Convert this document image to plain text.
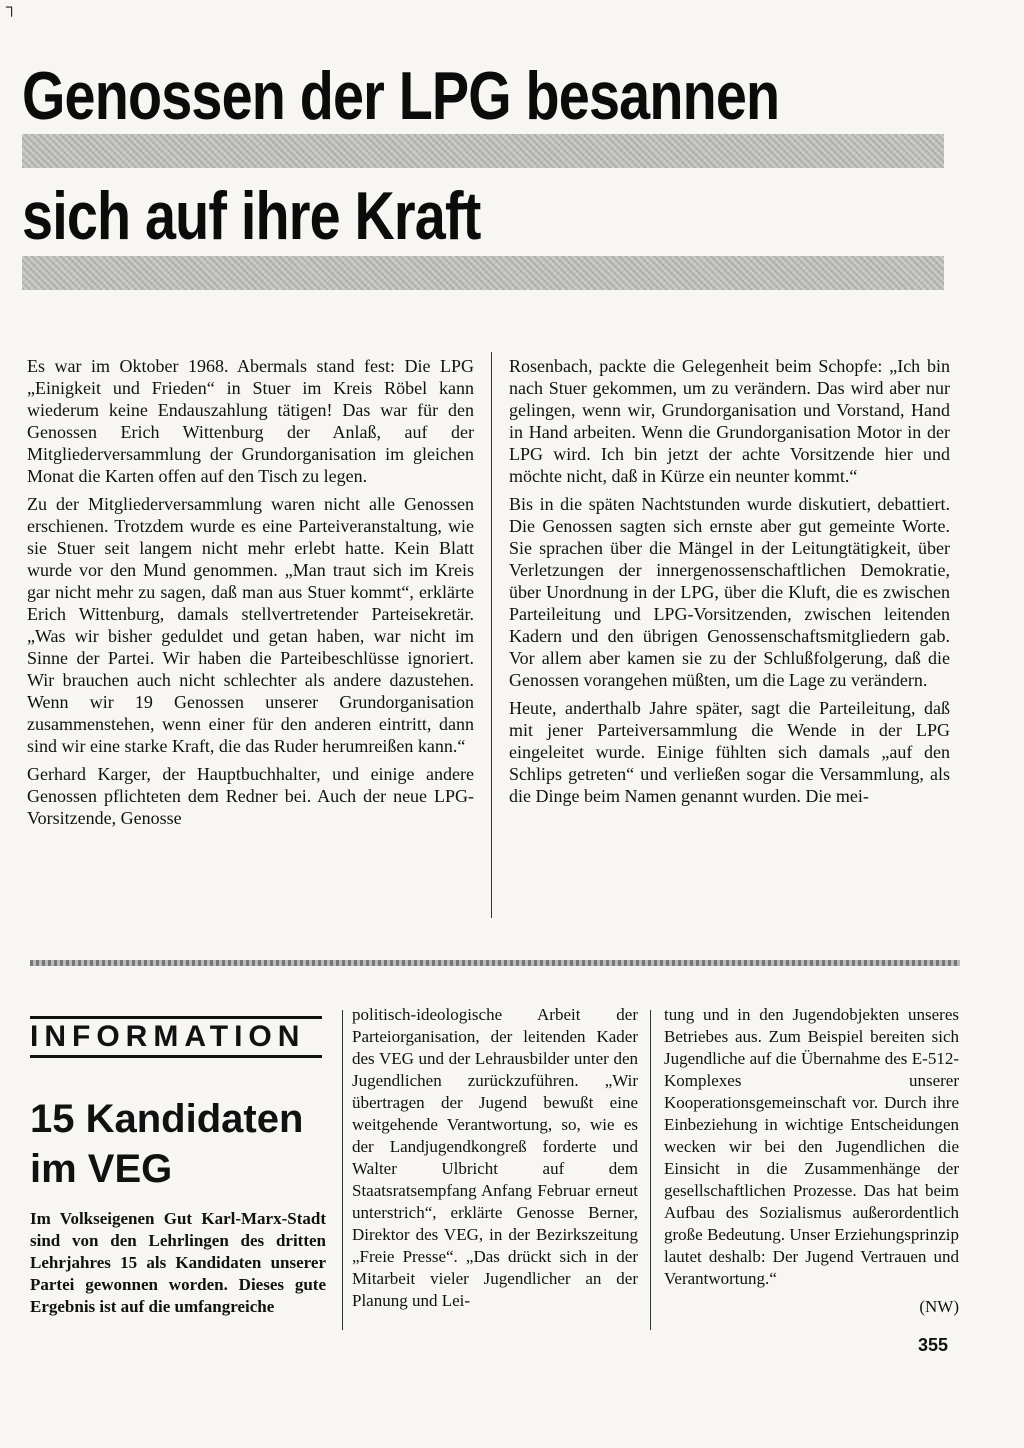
┐
Genossen der LPG besannen
sich auf ihre Kraft

Es war im Oktober 1968. Abermals stand fest: Die LPG „Einigkeit und Frieden“ in Stuer im Kreis Röbel kann wiederum keine Endauszahlung tätigen! Das war für den Genossen Erich Wittenburg der Anlaß, auf der Mitgliederversammlung der Grundorganisation im gleichen Monat die Karten offen auf den Tisch zu legen.

Zu der Mitgliederversammlung waren nicht alle Genossen erschienen. Trotzdem wurde es eine Parteiveranstaltung, wie sie Stuer seit langem nicht mehr erlebt hatte. Kein Blatt wurde vor den Mund genommen. „Man traut sich im Kreis gar nicht mehr zu sagen, daß man aus Stuer kommt“, erklärte Erich Wittenburg, damals stellvertretender Parteisekretär. „Was wir bisher geduldet und getan haben, war nicht im Sinne der Partei. Wir haben die Parteibeschlüsse ignoriert. Wir brauchen auch nicht schlechter als andere dazustehen. Wenn wir 19 Genossen unserer Grundorganisation zusammenstehen, wenn einer für den anderen eintritt, dann sind wir eine starke Kraft, die das Ruder herumreißen kann.“

Gerhard Karger, der Hauptbuchhalter, und einige andere Genossen pflichteten dem Redner bei. Auch der neue LPG-Vorsitzende, Genosse

Rosenbach, packte die Gelegenheit beim Schopfe: „Ich bin nach Stuer gekommen, um zu verändern. Das wird aber nur gelingen, wenn wir, Grundorganisation und Vorstand, Hand in Hand arbeiten. Wenn die Grundorganisation Motor in der LPG wird. Ich bin jetzt der achte Vorsitzende hier und möchte nicht, daß in Kürze ein neunter kommt.“

Bis in die späten Nachtstunden wurde diskutiert, debattiert. Die Genossen sagten sich ernste aber gut gemeinte Worte. Sie sprachen über die Mängel in der Leitungtätigkeit, über Verletzungen der innergenossenschaftlichen Demokratie, über Unordnung in der LPG, über die Kluft, die es zwischen Parteileitung und LPG-Vorsitzenden, zwischen leitenden Kadern und den übrigen Genossenschaftsmitgliedern gab. Vor allem aber kamen sie zu der Schlußfolgerung, daß die Genossen vorangehen müßten, um die Lage zu verändern.

Heute, anderthalb Jahre später, sagt die Parteileitung, daß mit jener Parteiversammlung die Wende in der LPG eingeleitet wurde. Einige fühlten sich damals „auf den Schlips getreten“ und verließen sogar die Versammlung, als die Dinge beim Namen genannt wurden. Die mei-

INFORMATION
15 Kandidaten im VEG

Im Volkseigenen Gut Karl-Marx-Stadt sind von den Lehrlingen des dritten Lehrjahres 15 als Kandidaten unserer Partei gewonnen worden. Dieses gute Ergebnis ist auf die umfangreiche

politisch-ideologische Arbeit der Parteiorganisation, der leitenden Kader des VEG und der Lehrausbilder unter den Jugendlichen zurückzuführen. „Wir übertragen der Jugend bewußt eine weitgehende Verantwortung, so, wie es der Landjugendkongreß forderte und Walter Ulbricht auf dem Staatsratsempfang Anfang Februar erneut unterstrich“, erklärte Genosse Berner, Direktor des VEG, in der Bezirkszeitung „Freie Presse“. „Das drückt sich in der Mitarbeit vieler Jugendlicher an der Planung und Lei-

tung und in den Jugendobjekten unseres Betriebes aus. Zum Beispiel bereiten sich Jugendliche auf die Übernahme des E-512-Komplexes unserer Kooperationsgemeinschaft vor. Durch ihre Einbeziehung in wichtige Entscheidungen wecken wir bei den Jugendlichen die Einsicht in die Zusammenhänge der gesellschaftlichen Prozesse. Das hat beim Aufbau des Sozialismus außerordentlich große Bedeutung. Unser Erziehungsprinzip lautet deshalb: Der Jugend Vertrauen und Verantwortung.“

(NW)

355
